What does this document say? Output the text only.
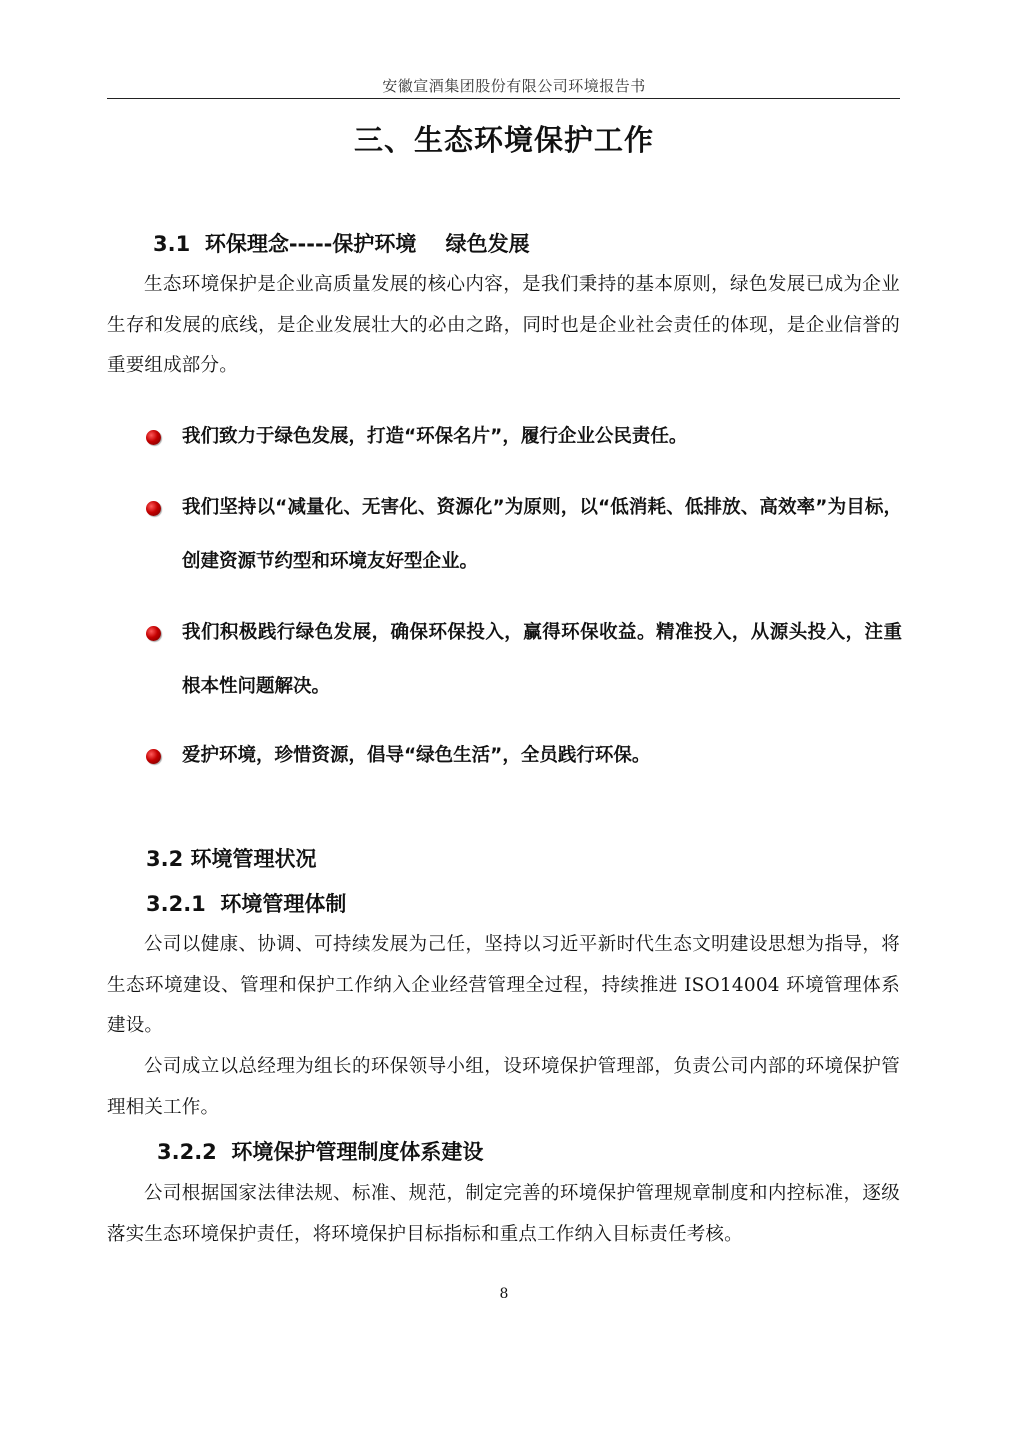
安徽宣酒集团股份有限公司环境报告书
三、生态环境保护工作
3.1  环保理念-----保护环境    绿色发展
生态环境保护是企业高质量发展的核心内容，是我们秉持的基本原则，绿色发展已成为企业生存和发展的底线，是企业发展壮大的必由之路，同时也是企业社会责任的体现，是企业信誉的重要组成部分。
我们致力于绿色发展，打造“环保名片”，履行企业公民责任。
我们坚持以“减量化、无害化、资源化”为原则，以“低消耗、低排放、高效率”为目标，创建资源节约型和环境友好型企业。
我们积极践行绿色发展，确保环保投入，赢得环保收益。精准投入，从源头投入，注重根本性问题解决。
爱护环境，珍惜资源，倡导“绿色生活”，全员践行环保。
3.2 环境管理状况
3.2.1  环境管理体制
公司以健康、协调、可持续发展为己任，坚持以习近平新时代生态文明建设思想为指导，将生态环境建设、管理和保护工作纳入企业经营管理全过程，持续推进 ISO14004 环境管理体系建设。
公司成立以总经理为组长的环保领导小组，设环境保护管理部，负责公司内部的环境保护管理相关工作。
3.2.2  环境保护管理制度体系建设
公司根据国家法律法规、标准、规范，制定完善的环境保护管理规章制度和内控标准，逐级落实生态环境保护责任，将环境保护目标指标和重点工作纳入目标责任考核。
8
